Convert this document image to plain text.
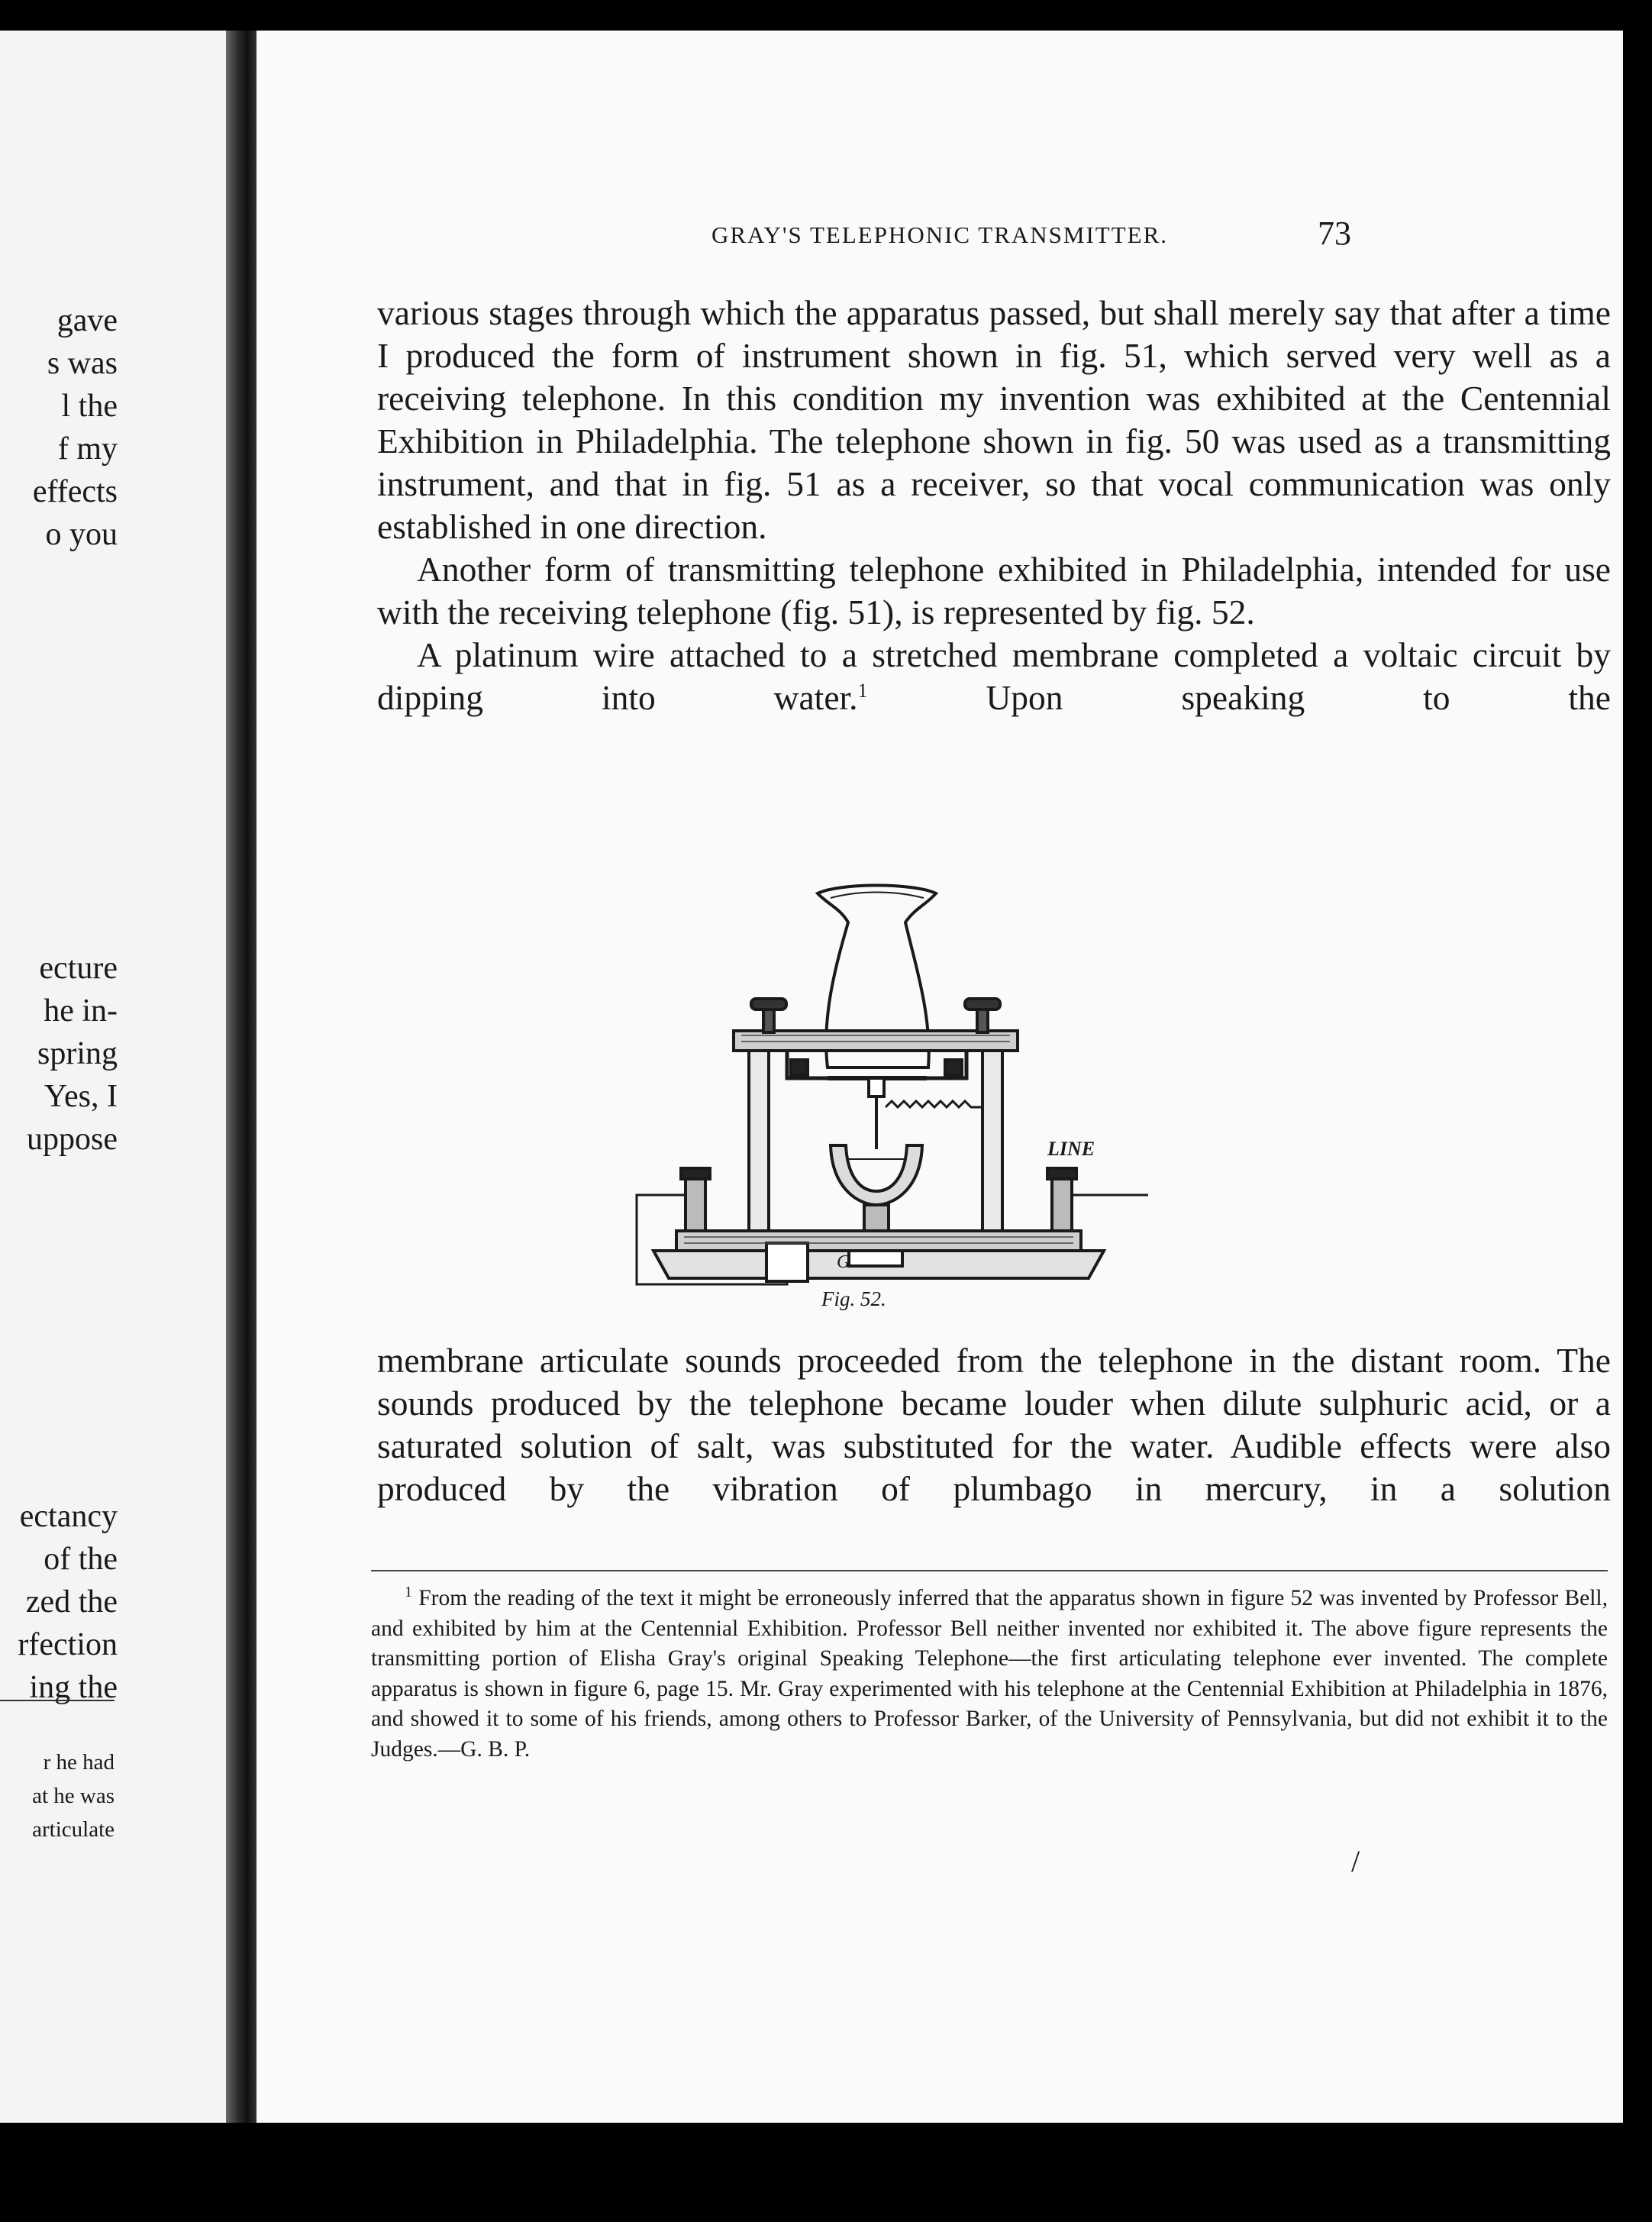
gave
s was
l the
f my
effects
o you
ecture
he in-
spring
Yes, I
uppose
ectancy
of the
zed the
rfection
ing the
r he had
at he was
articulate
GRAY'S TELEPHONIC TRANSMITTER.	73

various stages through which the apparatus passed, but shall merely say that after a time I produced the form of instrument shown in fig. 51, which served very well as a receiving telephone. In this condition my invention was exhibited at the Centennial Exhibition in Philadelphia. The telephone shown in fig. 50 was used as a transmitting instrument, and that in fig. 51 as a receiver, so that vocal communication was only established in one direction.

Another form of transmitting telephone exhibited in Philadelphia, intended for use with the receiving telephone (fig. 51), is represented by fig. 52.

A platinum wire attached to a stretched membrane completed a voltaic circuit by dipping into water.$^1$ Upon speaking to the

LINE
G
Fig. 52.

membrane articulate sounds proceeded from the telephone in the distant room. The sounds produced by the telephone became louder when dilute sulphuric acid, or a saturated solution of salt, was substituted for the water. Audible effects were also produced by the vibration of plumbago in mercury, in a solution

$^1$ From the reading of the text it might be erroneously inferred that the apparatus shown in figure 52 was invented by Professor Bell, and exhibited by him at the Centennial Exhibition. Professor Bell neither invented nor exhibited it. The above figure represents the transmitting portion of Elisha Gray's original Speaking Telephone—the first articulating telephone ever invented. The complete apparatus is shown in figure 6, page 15. Mr. Gray experimented with his telephone at the Centennial Exhibition at Philadelphia in 1876, and showed it to some of his friends, among others to Professor Barker, of the University of Pennsylvania, but did not exhibit it to the Judges.—G. B. P.

/
